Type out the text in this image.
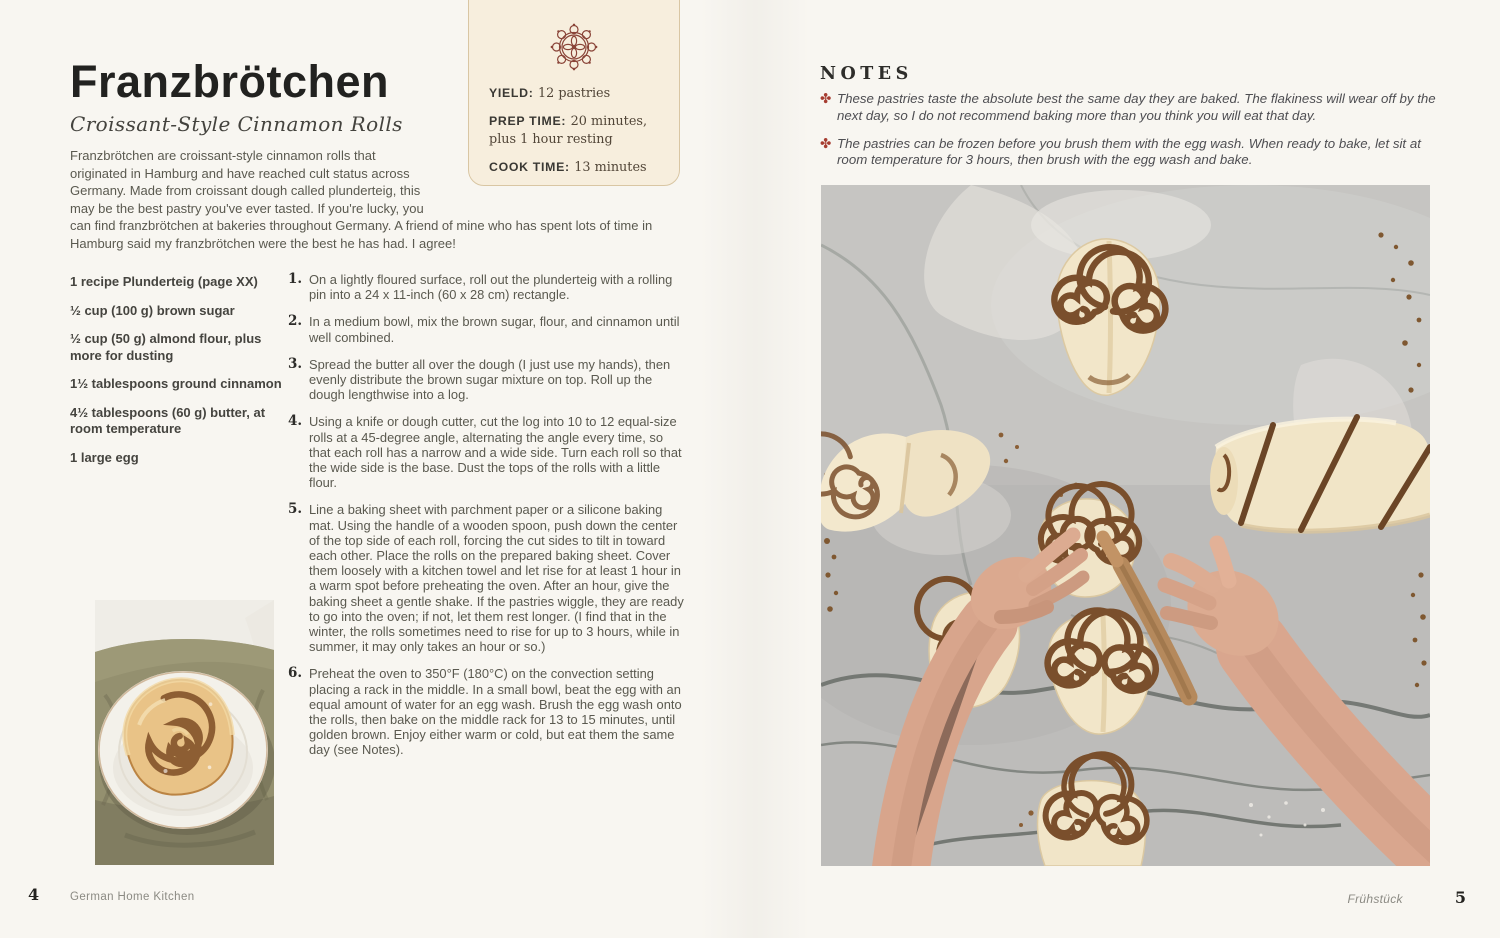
Franzbrötchen
Croissant-Style Cinnamon Rolls

Franzbrötchen are croissant-style cinnamon rolls that originated in Hamburg and have reached cult status across Germany. Made from croissant dough called plunderteig, this may be the best pastry you've ever tasted. If you're lucky, you can find franzbrötchen at bakeries throughout Germany. A friend of mine who has spent lots of time in Hamburg said my franzbrötchen were the best he has had. I agree!

1 recipe Plunderteig (page XX)

½ cup (100 g) brown sugar

½ cup (50 g) almond flour, plus more for dusting

1½ tablespoons ground cinnamon

4½ tablespoons (60 g) butter, at room temperature

1 large egg

1. On a lightly floured surface, roll out the plunderteig with a rolling pin into a 24 x 11-inch (60 x 28 cm) rectangle.
2. In a medium bowl, mix the brown sugar, flour, and cinnamon until well combined.
3. Spread the butter all over the dough (I just use my hands), then evenly distribute the brown sugar mixture on top. Roll up the dough lengthwise into a log.
4. Using a knife or dough cutter, cut the log into 10 to 12 equal-size rolls at a 45-degree angle, alternating the angle every time, so that each roll has a narrow and a wide side. Turn each roll so that the wide side is the base. Dust the tops of the rolls with a little flour.
5. Line a baking sheet with parchment paper or a silicone baking mat. Using the handle of a wooden spoon, push down the center of the top side of each roll, forcing the cut sides to tilt in toward each other. Place the rolls on the prepared baking sheet. Cover them loosely with a kitchen towel and let rise for at least 1 hour in a warm spot before preheating the oven. After an hour, give the baking sheet a gentle shake. If the pastries wiggle, they are ready to go into the oven; if not, let them rest longer. (I find that in the winter, the rolls sometimes need to rise for up to 3 hours, while in summer, it may only takes an hour or so.)
6. Preheat the oven to 350°F (180°C) on the convection setting placing a rack in the middle. In a small bowl, beat the egg with an equal amount of water for an egg wash. Brush the egg wash onto the rolls, then bake on the middle rack for 13 to 15 minutes, until golden brown. Enjoy either warm or cold, but eat them the same day (see Notes).
4	German Home Kitchen
YIELD: 12 pastries
PREP TIME: 20 minutes, plus 1 hour resting
COOK TIME: 13 minutes
NOTES
✤ These pastries taste the absolute best the same day they are baked. The flakiness will wear off by the next day, so I do not recommend baking more than you think you will eat that day.
✤ The pastries can be frozen before you brush them with the egg wash. When ready to bake, let sit at room temperature for 3 hours, then brush with the egg wash and bake.
Frühstück	5
